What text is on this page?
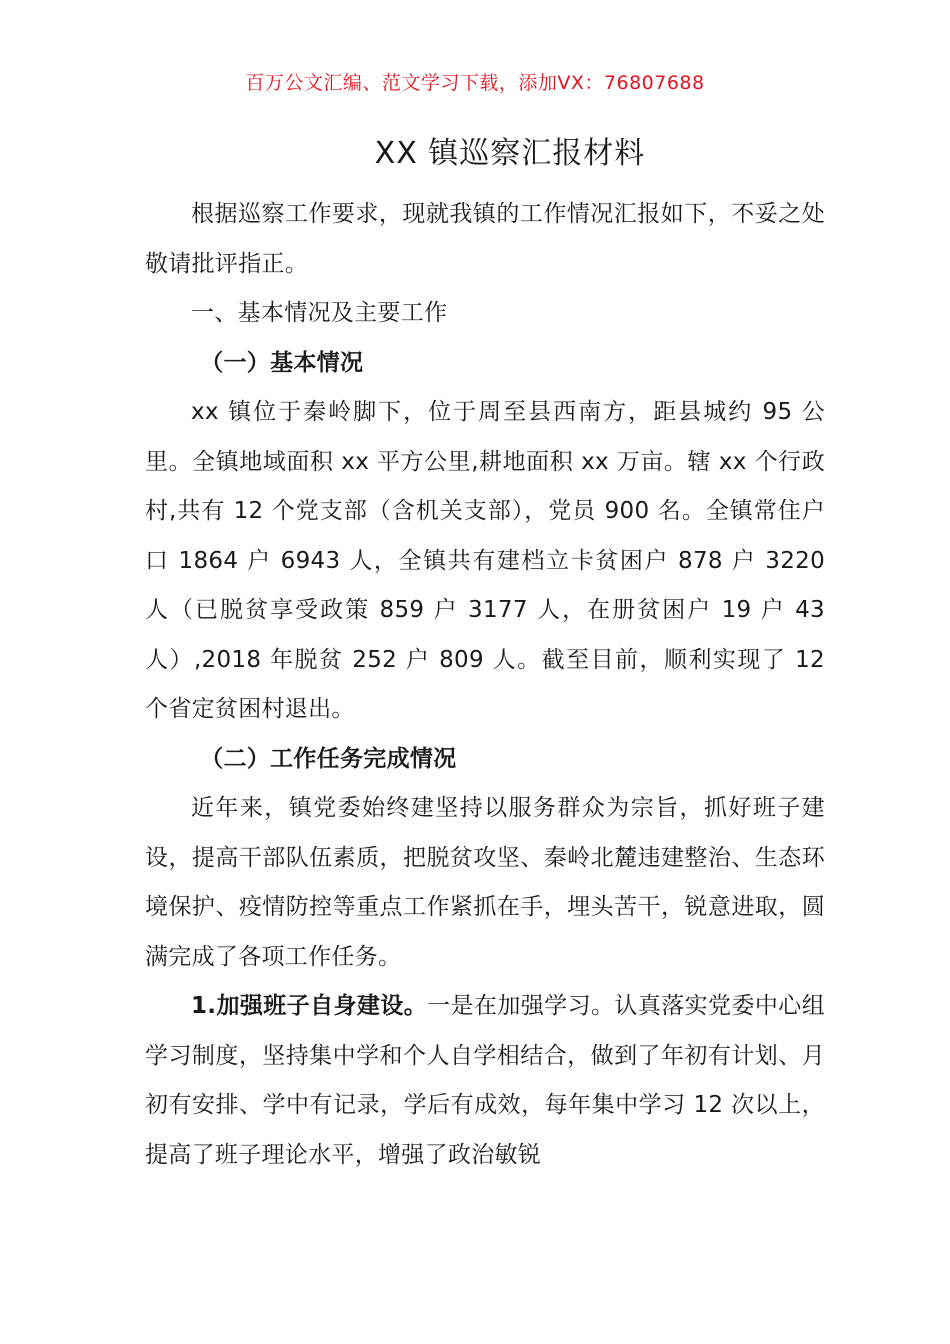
百万公文汇编、范文学习下载，添加VX：76807688
XX 镇巡察汇报材料

根据巡察工作要求，现就我镇的工作情况汇报如下，不妥之处敬请批评指正。

一、基本情况及主要工作

（一）基本情况

xx 镇位于秦岭脚下，位于周至县西南方，距县城约 95 公里。全镇地域面积 xx 平方公里,耕地面积 xx 万亩。辖 xx 个行政村,共有 12 个党支部（含机关支部），党员 900 名。全镇常住户口 1864 户 6943 人，全镇共有建档立卡贫困户 878 户 3220 人（已脱贫享受政策 859 户 3177 人，在册贫困户 19 户 43 人）,2018 年脱贫 252 户 809 人。截至目前，顺利实现了 12 个省定贫困村退出。

（二）工作任务完成情况

近年来，镇党委始终建坚持以服务群众为宗旨，抓好班子建设，提高干部队伍素质，把脱贫攻坚、秦岭北麓违建整治、生态环境保护、疫情防控等重点工作紧抓在手，埋头苦干，锐意进取，圆满完成了各项工作任务。

1.加强班子自身建设。一是在加强学习。认真落实党委中心组学习制度，坚持集中学和个人自学相结合，做到了年初有计划、月初有安排、学中有记录，学后有成效，每年集中学习 12 次以上，提高了班子理论水平，增强了政治敏锐
